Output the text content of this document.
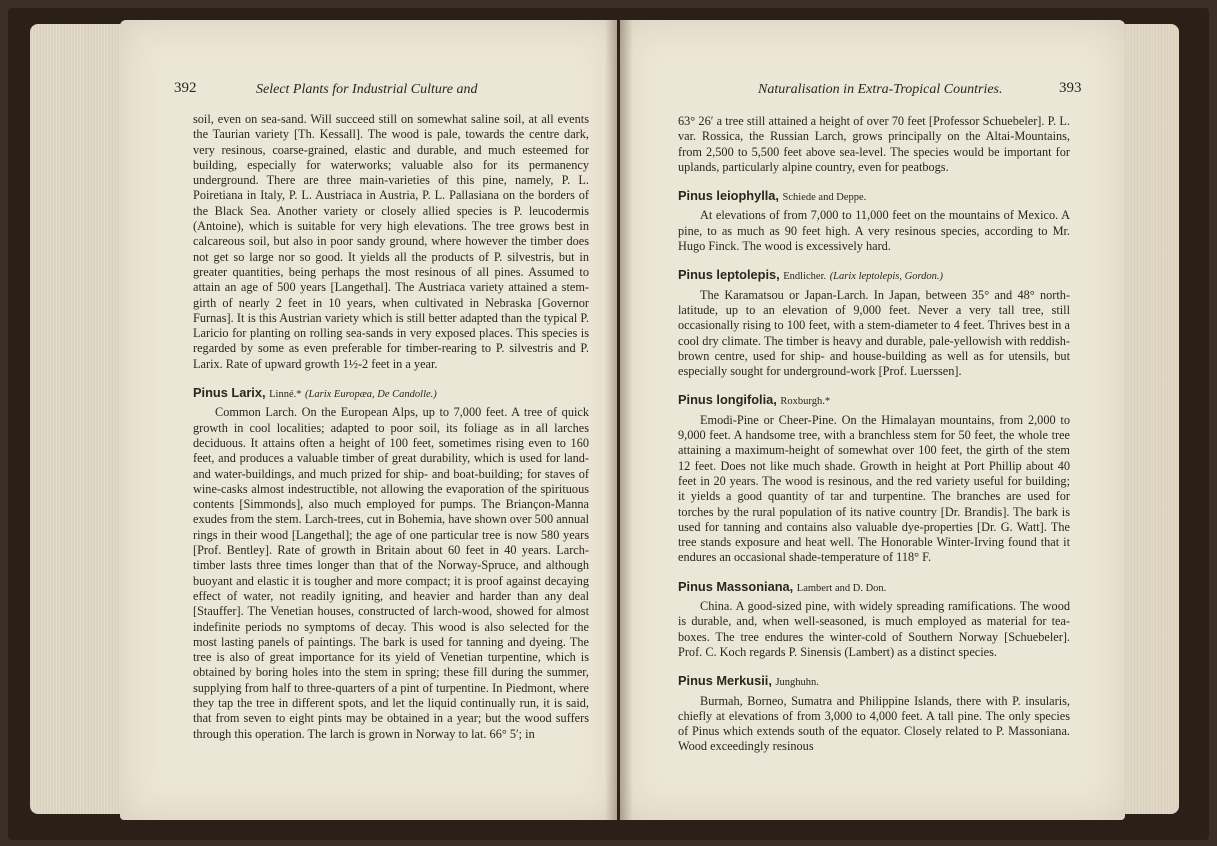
392	Select Plants for Industrial Culture and

soil, even on sea-sand. Will succeed still on somewhat saline soil, at all events the Taurian variety [Th. Kessall]. The wood is pale, towards the centre dark, very resinous, coarse-grained, elastic and durable, and much esteemed for building, especially for waterworks; valuable also for its permanency underground. There are three main-varieties of this pine, namely, P. L. Poiretiana in Italy, P. L. Austriaca in Austria, P. L. Pallasiana on the borders of the Black Sea. Another variety or closely allied species is P. leucodermis (Antoine), which is suitable for very high elevations. The tree grows best in calcareous soil, but also in poor sandy ground, where however the timber does not get so large nor so good. It yields all the products of P. silvestris, but in greater quantities, being perhaps the most resinous of all pines. Assumed to attain an age of 500 years [Langethal]. The Austriaca variety attained a stem-girth of nearly 2 feet in 10 years, when cultivated in Nebraska [Governor Furnas]. It is this Austrian variety which is still better adapted than the typical P. Laricio for planting on rolling sea-sands in very exposed places. This species is regarded by some as even preferable for timber-rearing to P. silvestris and P. Larix. Rate of upward growth 1½-2 feet in a year.

Pinus Larix, Linné.* (Larix Europæa, De Candolle.)

Common Larch. On the European Alps, up to 7,000 feet. A tree of quick growth in cool localities; adapted to poor soil, its foliage as in all larches deciduous. It attains often a height of 100 feet, sometimes rising even to 160 feet, and produces a valuable timber of great durability, which is used for land- and water-buildings, and much prized for ship- and boat-building; for staves of wine-casks almost indestructible, not allowing the evaporation of the spirituous contents [Simmonds], also much employed for pumps. The Briançon-Manna exudes from the stem. Larch-trees, cut in Bohemia, have shown over 500 annual rings in their wood [Langethal]; the age of one particular tree is now 580 years [Prof. Bentley]. Rate of growth in Britain about 60 feet in 40 years. Larch-timber lasts three times longer than that of the Norway-Spruce, and although buoyant and elastic it is tougher and more compact; it is proof against decaying effect of water, not readily igniting, and heavier and harder than any deal [Stauffer]. The Venetian houses, constructed of larch-wood, showed for almost indefinite periods no symptoms of decay. This wood is also selected for the most lasting panels of paintings. The bark is used for tanning and dyeing. The tree is also of great importance for its yield of Venetian turpentine, which is obtained by boring holes into the stem in spring; these fill during the summer, supplying from half to three-quarters of a pint of turpentine. In Piedmont, where they tap the tree in different spots, and let the liquid continually run, it is said, that from seven to eight pints may be obtained in a year; but the wood suffers through this operation. The larch is grown in Norway to lat. 66° 5′; in

Naturalisation in Extra-Tropical Countries.	393

63° 26′ a tree still attained a height of over 70 feet [Professor Schuebeler]. P. L. var. Rossica, the Russian Larch, grows principally on the Altai-Mountains, from 2,500 to 5,500 feet above sea-level. The species would be important for uplands, particularly alpine country, even for peatbogs.

Pinus leiophylla, Schiede and Deppe.

At elevations of from 7,000 to 11,000 feet on the mountains of Mexico. A pine, to as much as 90 feet high. A very resinous species, according to Mr. Hugo Finck. The wood is excessively hard.

Pinus leptolepis, Endlicher. (Larix leptolepis, Gordon.)

The Karamatsou or Japan-Larch. In Japan, between 35° and 48° north-latitude, up to an elevation of 9,000 feet. Never a very tall tree, still occasionally rising to 100 feet, with a stem-diameter to 4 feet. Thrives best in a cool dry climate. The timber is heavy and durable, pale-yellowish with reddish-brown centre, used for ship- and house-building as well as for utensils, but especially sought for underground-work [Prof. Luerssen].

Pinus longifolia, Roxburgh.*

Emodi-Pine or Cheer-Pine. On the Himalayan mountains, from 2,000 to 9,000 feet. A handsome tree, with a branchless stem for 50 feet, the whole tree attaining a maximum-height of somewhat over 100 feet, the girth of the stem 12 feet. Does not like much shade. Growth in height at Port Phillip about 40 feet in 20 years. The wood is resinous, and the red variety useful for building; it yields a good quantity of tar and turpentine. The branches are used for torches by the rural population of its native country [Dr. Brandis]. The bark is used for tanning and contains also valuable dye-properties [Dr. G. Watt]. The tree stands exposure and heat well. The Honorable Winter-Irving found that it endures an occasional shade-temperature of 118° F.

Pinus Massoniana, Lambert and D. Don.

China. A good-sized pine, with widely spreading ramifications. The wood is durable, and, when well-seasoned, is much employed as material for tea-boxes. The tree endures the winter-cold of Southern Norway [Schuebeler]. Prof. C. Koch regards P. Sinensis (Lambert) as a distinct species.

Pinus Merkusii, Junghuhn.

Burmah, Borneo, Sumatra and Philippine Islands, there with P. insularis, chiefly at elevations of from 3,000 to 4,000 feet. A tall pine. The only species of Pinus which extends south of the equator. Closely related to P. Massoniana. Wood exceedingly resinous
